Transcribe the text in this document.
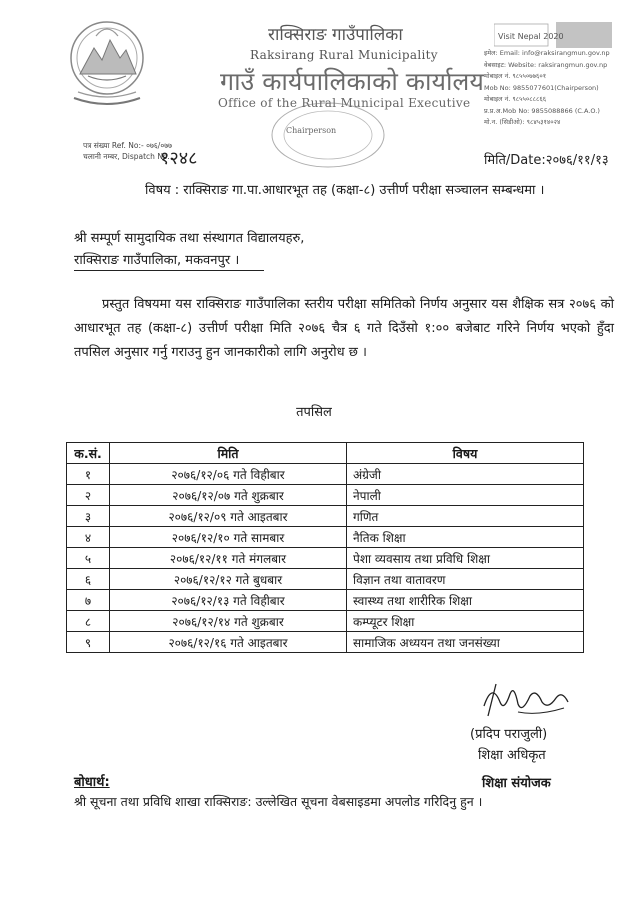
राक्सिराङ गाउँपालिका
Raksirang Rural Municipality
गाउँ कार्यपालिकाको कार्यालय
Office of the Rural Municipal Executive
Chairperson
Visit Nepal 2020
इमेल: Email: info@raksirangmun.gov.np
वेबसाइट: Website: raksirangmun.gov.np
मोबाइल नं. ९८५५०७७६०१
Mob No: 9855077601(Chairperson)
मोबाइल नं. ९८५५०८८८६६
प्र.प्र.अ.Mob No: 9855088866 (C.A.O.)
मो.न. (सिडीओ): ९८४५३१४०२४
पत्र संख्या Ref. No:- ०७६/०७७
चलानी नम्बर, Dispatch No.
१२४८	मिति/Date:२०७६/११/१३
विषय : राक्सिराङ गा.पा.आधारभूत तह (कक्षा-८) उत्तीर्ण परीक्षा सञ्चालन सम्बन्धमा ।
श्री सम्पूर्ण सामुदायिक तथा संस्थागत विद्यालयहरु,
राक्सिराङ गाउँपालिका, मकवनपुर ।
प्रस्तुत विषयमा यस राक्सिराङ गाउँपालिका स्तरीय परीक्षा समितिको निर्णय अनुसार यस शैक्षिक सत्र २०७६ को आधारभूत तह (कक्षा-८) उत्तीर्ण परीक्षा मिति २०७६ चैत्र ६ गते दिउँसो १:०० बजेबाट गरिने निर्णय भएको हुँदा तपसिल अनुसार गर्नु गराउनु हुन जानकारीको लागि अनुरोध छ ।
तपसिल
क.सं.	मिति	विषय
१	२०७६/१२/०६ गते विहीबार	अंग्रेजी
२	२०७६/१२/०७ गते शुक्रबार	नेपाली
३	२०७६/१२/०९ गते आइतबार	गणित
४	२०७६/१२/१० गते सामबार	नैतिक शिक्षा
५	२०७६/१२/११ गते मंगलबार	पेशा व्यवसाय तथा प्रविधि शिक्षा
६	२०७६/१२/१२ गते बुधबार	विज्ञान तथा वातावरण
७	२०७६/१२/१३ गते विहीबार	स्वास्थ्य तथा शारीरिक शिक्षा
८	२०७६/१२/१४ गते शुक्रबार	कम्प्यूटर शिक्षा
९	२०७६/१२/१६ गते आइतबार	सामाजिक अध्ययन तथा जनसंख्या
(प्रदिप पराजुली)
शिक्षा अधिकृत
बोधार्थ:	शिक्षा संयोजक
श्री सूचना तथा प्रविधि शाखा राक्सिराङ: उल्लेखित सूचना वेबसाइडमा अपलोड गरिदिनु हुन ।
